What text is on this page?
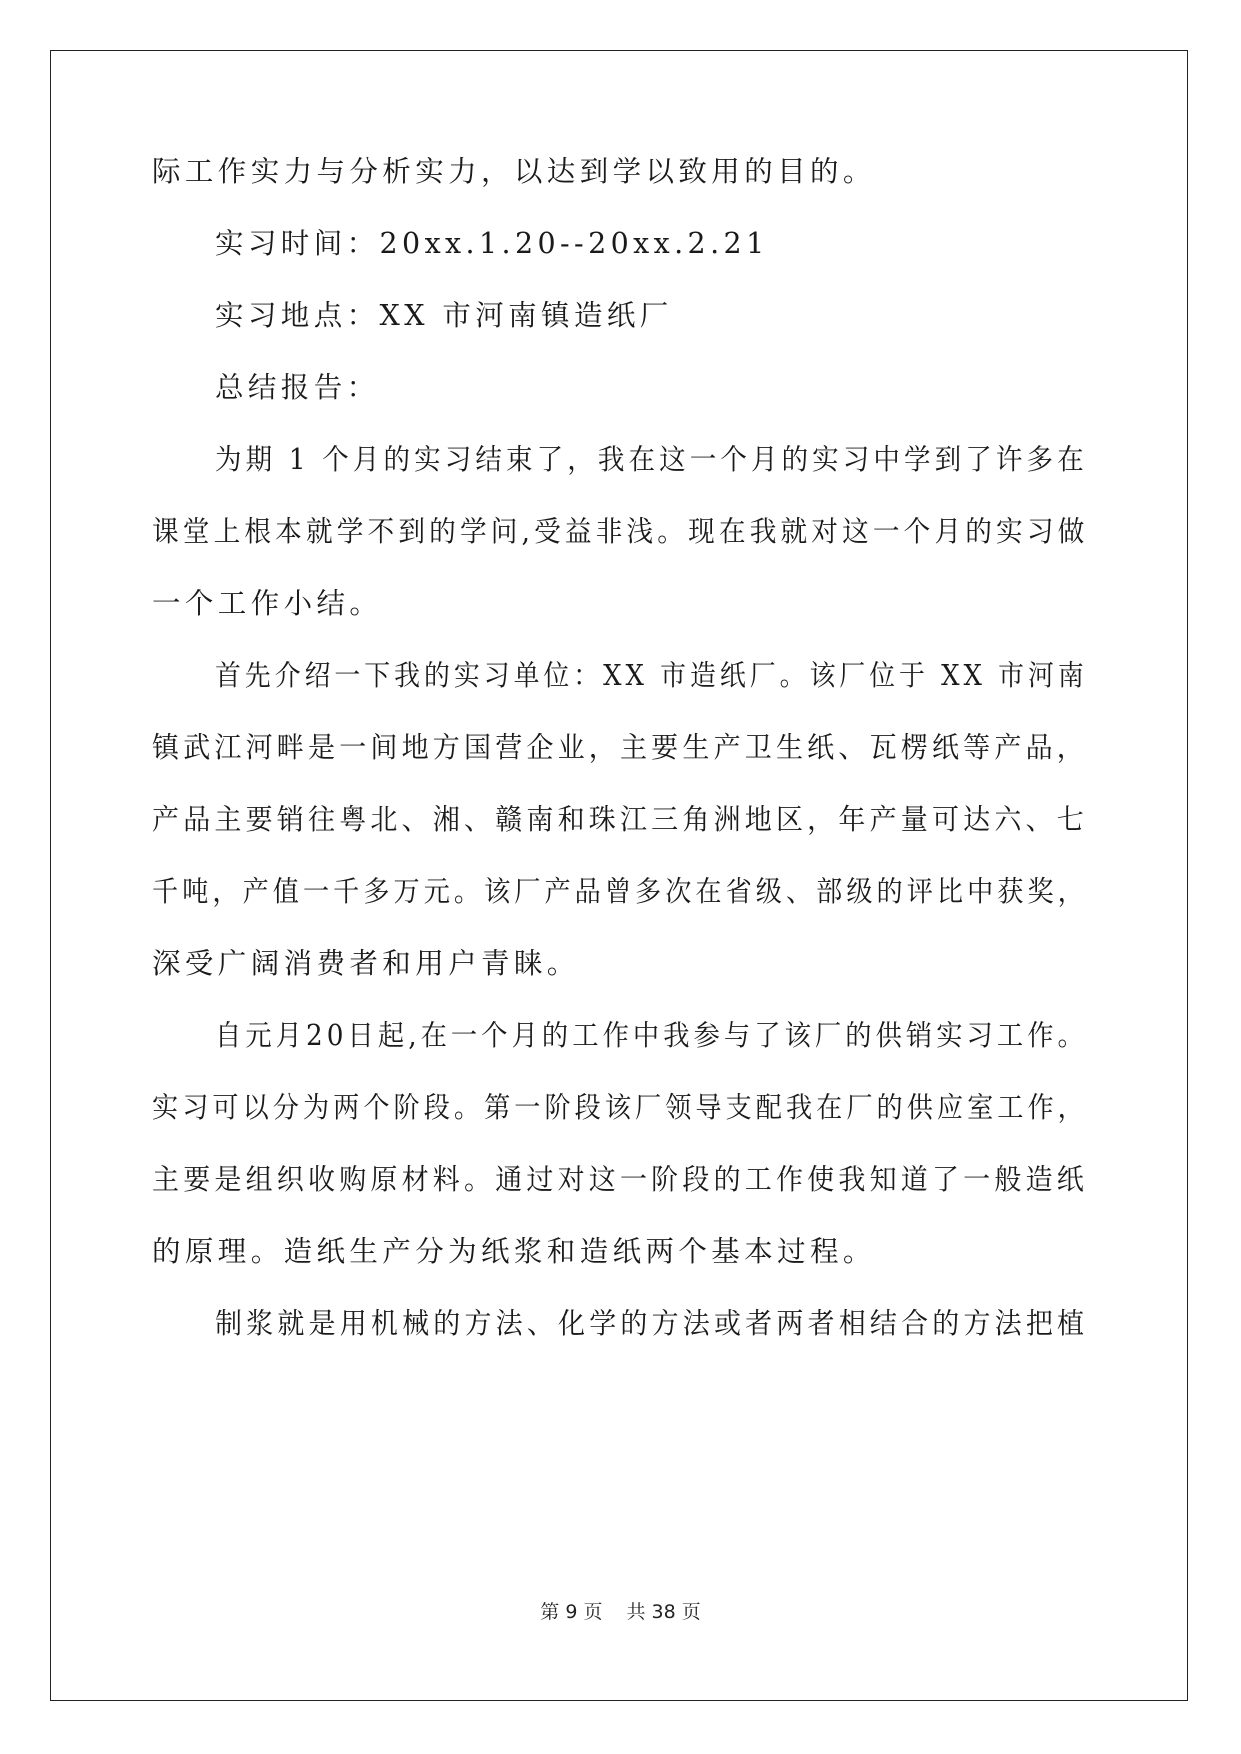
际工作实力与分析实力，以达到学以致用的目的。

实习时间：20xx.1.20--20xx.2.21

实习地点：XX 市河南镇造纸厂

总结报告：

为期 1 个月的实习结束了，我在这一个月的实习中学到了许多在

课堂上根本就学不到的学问,受益非浅。现在我就对这一个月的实习做

一个工作小结。

首先介绍一下我的实习单位：XX 市造纸厂。该厂位于 XX 市河南

镇武江河畔是一间地方国营企业，主要生产卫生纸、瓦楞纸等产品，

产品主要销往粤北、湘、赣南和珠江三角洲地区，年产量可达六、七

千吨，产值一千多万元。该厂产品曾多次在省级、部级的评比中获奖，

深受广阔消费者和用户青睐。

自元月20日起,在一个月的工作中我参与了该厂的供销实习工作。

实习可以分为两个阶段。第一阶段该厂领导支配我在厂的供应室工作，

主要是组织收购原材料。通过对这一阶段的工作使我知道了一般造纸

的原理。造纸生产分为纸浆和造纸两个基本过程。

制浆就是用机械的方法、化学的方法或者两者相结合的方法把植

第 9 页 共 38 页
